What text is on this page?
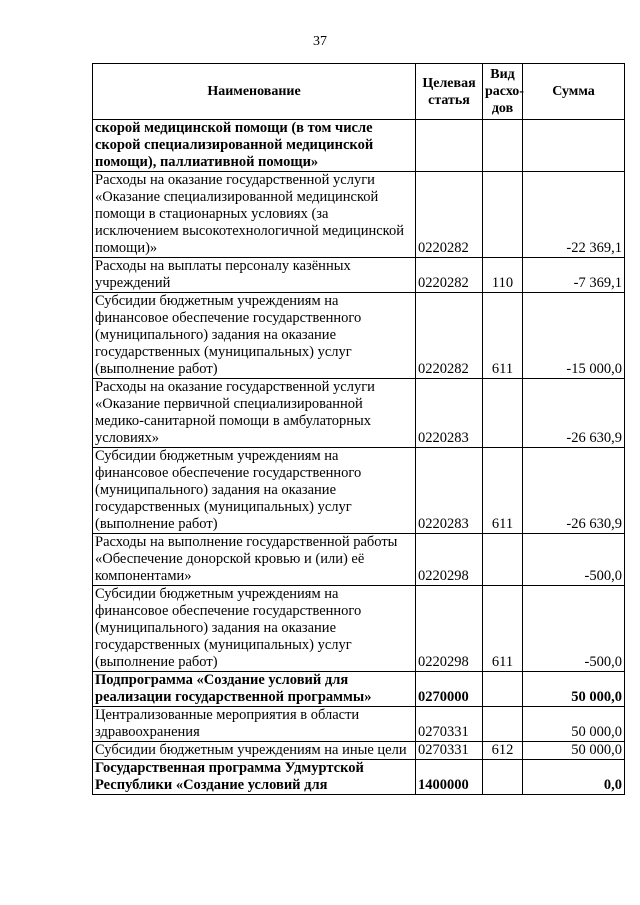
37
Наименование	Целевая статья	Вид расхо-дов	Сумма
скорой медицинской помощи (в том числе скорой специализированной медицинской помощи), паллиативной помощи»			
Расходы на оказание государственной услуги «Оказание специализированной медицинской помощи в стационарных условиях (за исключением высокотехнологичной медицинской помощи)»	0220282		-22 369,1
Расходы на выплаты персоналу казённых учреждений	0220282	110	-7 369,1
Субсидии бюджетным учреждениям на финансовое обеспечение государственного (муниципального) задания на оказание государственных (муниципальных) услуг (выполнение работ)	0220282	611	-15 000,0
Расходы на оказание государственной услуги «Оказание первичной специализированной медико-санитарной помощи в амбулаторных условиях»	0220283		-26 630,9
Субсидии бюджетным учреждениям на финансовое обеспечение государственного (муниципального) задания на оказание государственных (муниципальных) услуг (выполнение работ)	0220283	611	-26 630,9
Расходы на выполнение государственной работы «Обеспечение донорской кровью и (или) её компонентами»	0220298		-500,0
Субсидии бюджетным учреждениям на финансовое обеспечение государственного (муниципального) задания на оказание государственных (муниципальных) услуг (выполнение работ)	0220298	611	-500,0
Подпрограмма «Создание условий для реализации государственной программы»	0270000		50 000,0
Централизованные мероприятия в области здравоохранения	0270331		50 000,0
Субсидии бюджетным учреждениям на иные цели	0270331	612	50 000,0
Государственная программа Удмуртской Республики «Создание условий для	1400000		0,0
